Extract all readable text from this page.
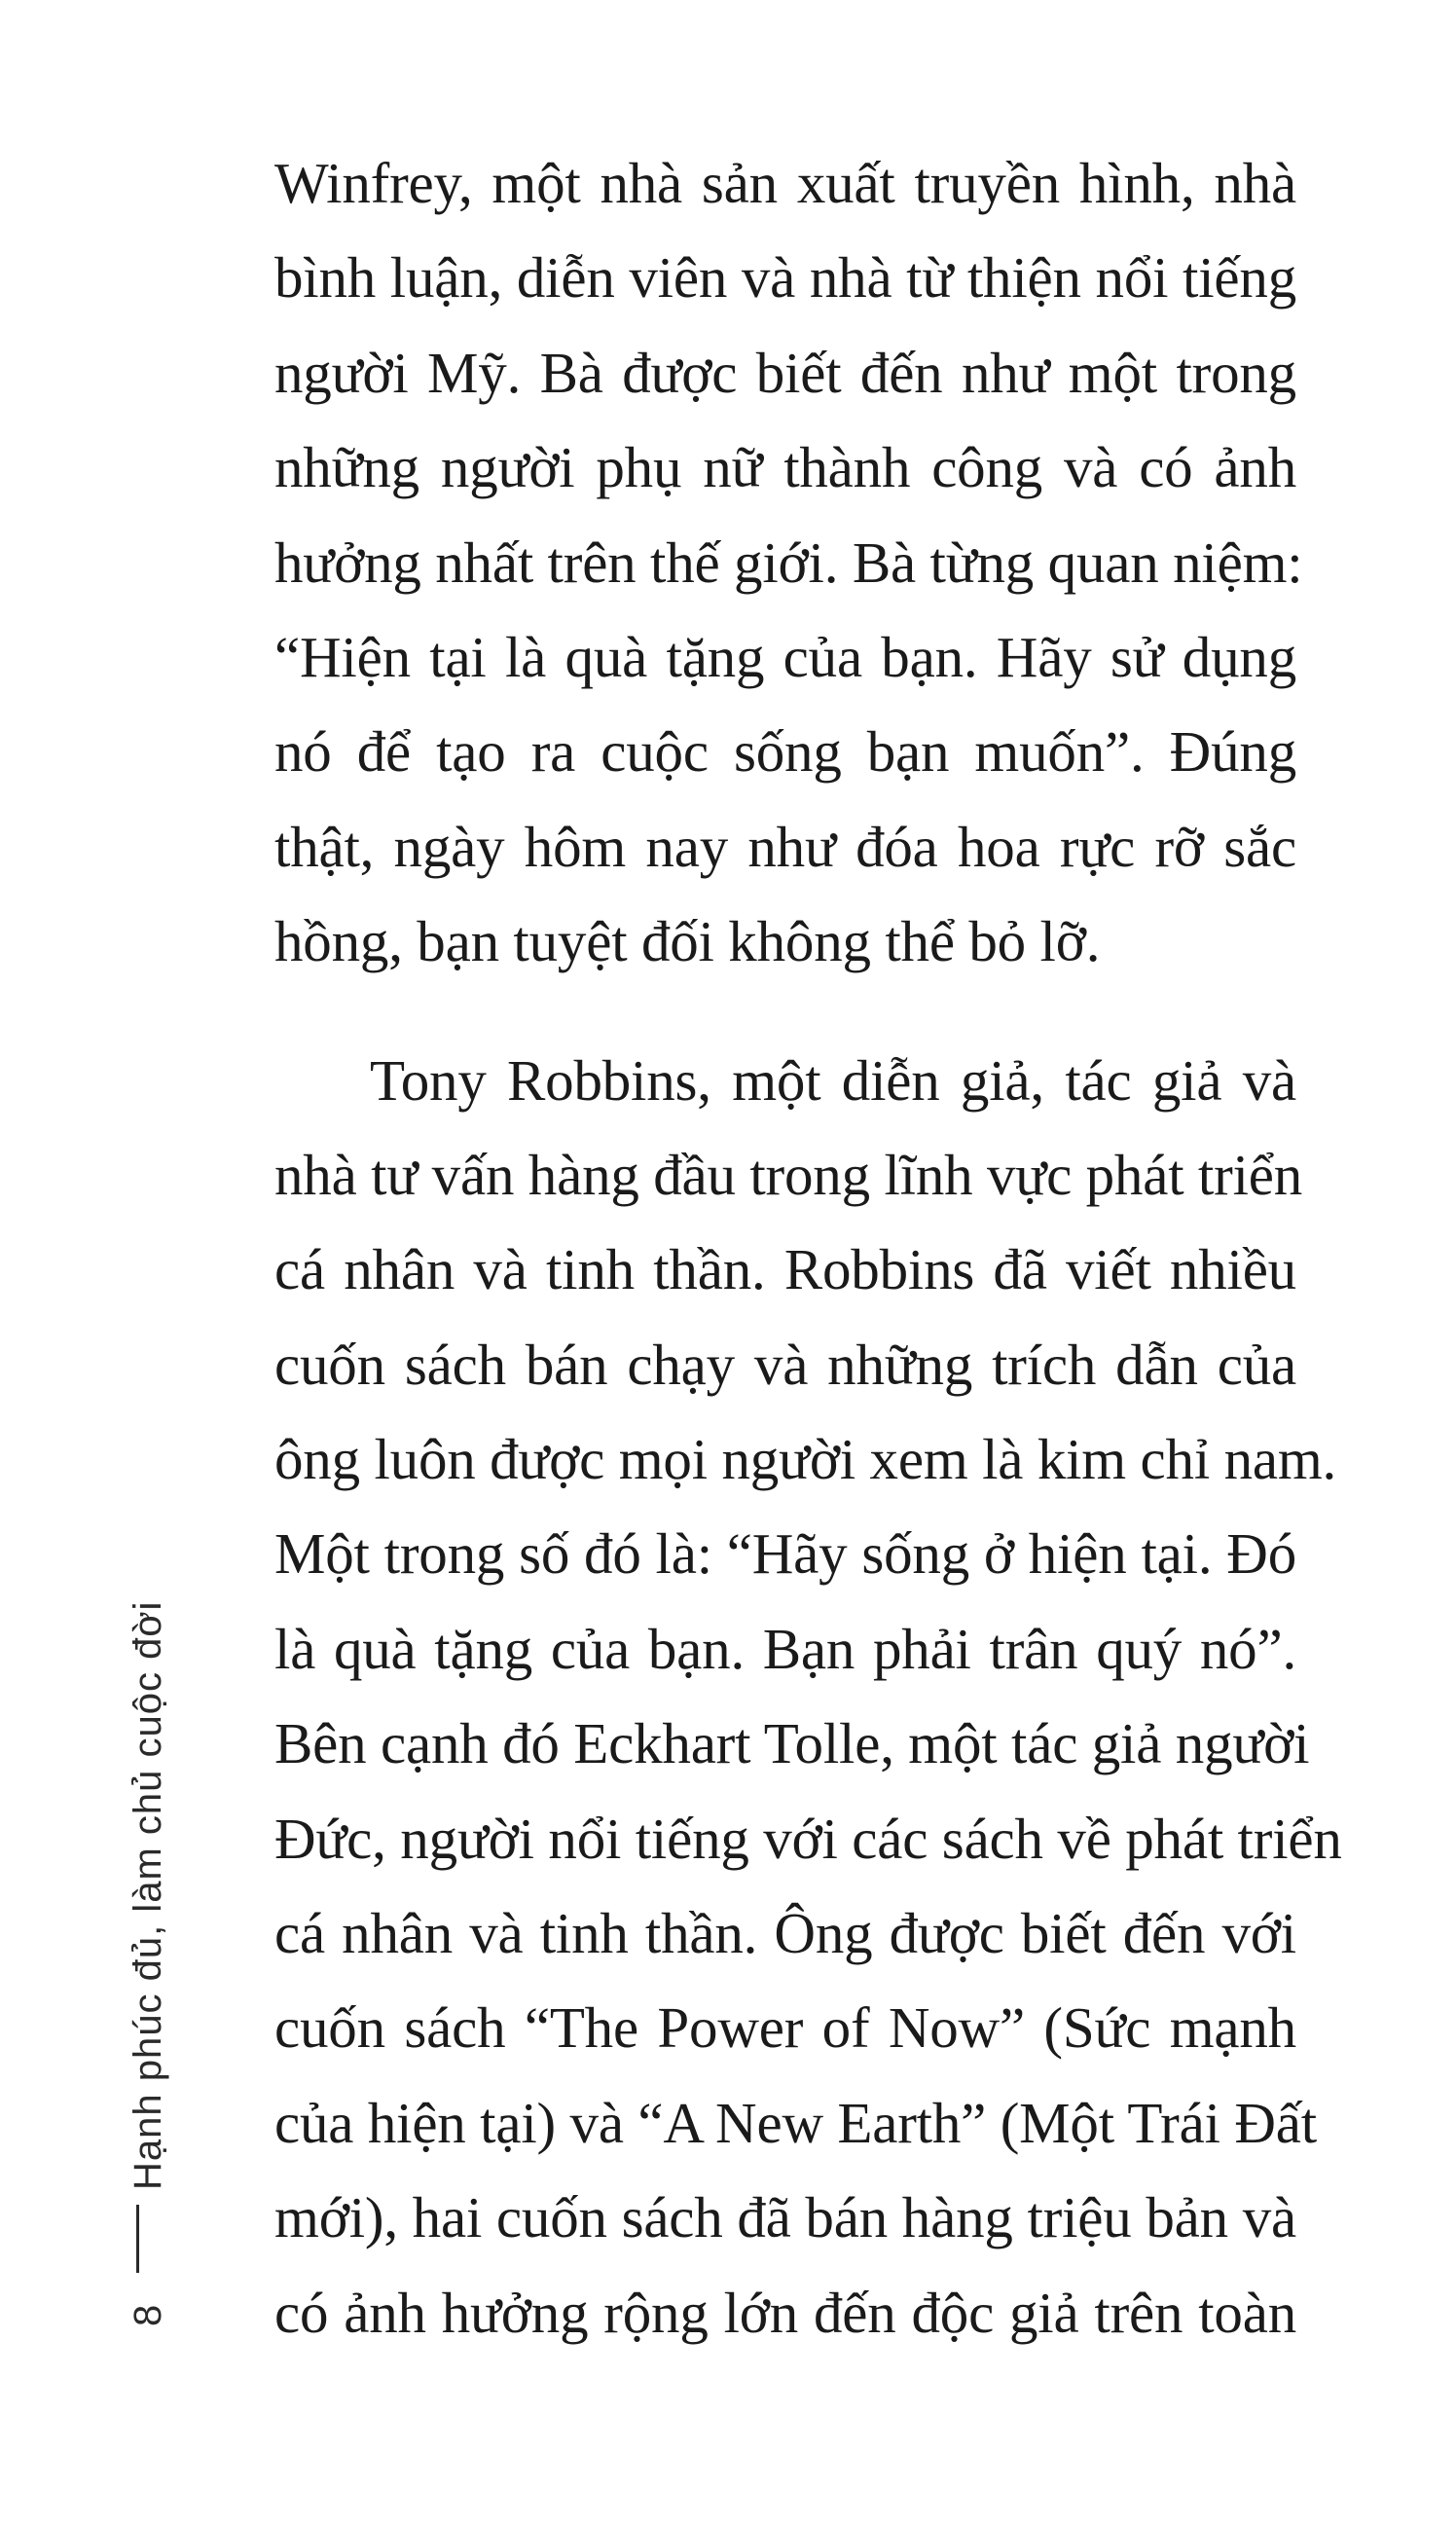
Winfrey, một nhà sản xuất truyền hình, nhà
bình luận, diễn viên và nhà từ thiện nổi tiếng
người Mỹ. Bà được biết đến như một trong
những người phụ nữ thành công và có ảnh
hưởng nhất trên thế giới. Bà từng quan niệm:
“Hiện tại là quà tặng của bạn. Hãy sử dụng
nó để tạo ra cuộc sống bạn muốn”. Đúng
thật, ngày hôm nay như đóa hoa rực rỡ sắc
hồng, bạn tuyệt đối không thể bỏ lỡ.
Tony Robbins, một diễn giả, tác giả và
nhà tư vấn hàng đầu trong lĩnh vực phát triển
cá nhân và tinh thần. Robbins đã viết nhiều
cuốn sách bán chạy và những trích dẫn của
ông luôn được mọi người xem là kim chỉ nam.
Một trong số đó là: “Hãy sống ở hiện tại. Đó
là quà tặng của bạn. Bạn phải trân quý nó”.
Bên cạnh đó Eckhart Tolle, một tác giả người
Đức, người nổi tiếng với các sách về phát triển
cá nhân và tinh thần. Ông được biết đến với
cuốn sách “The Power of Now” (Sức mạnh
của hiện tại) và “A New Earth” (Một Trái Đất
mới), hai cuốn sách đã bán hàng triệu bản và
có ảnh hưởng rộng lớn đến độc giả trên toàn
Hạnh phúc đủ, làm chủ cuộc đời
8
